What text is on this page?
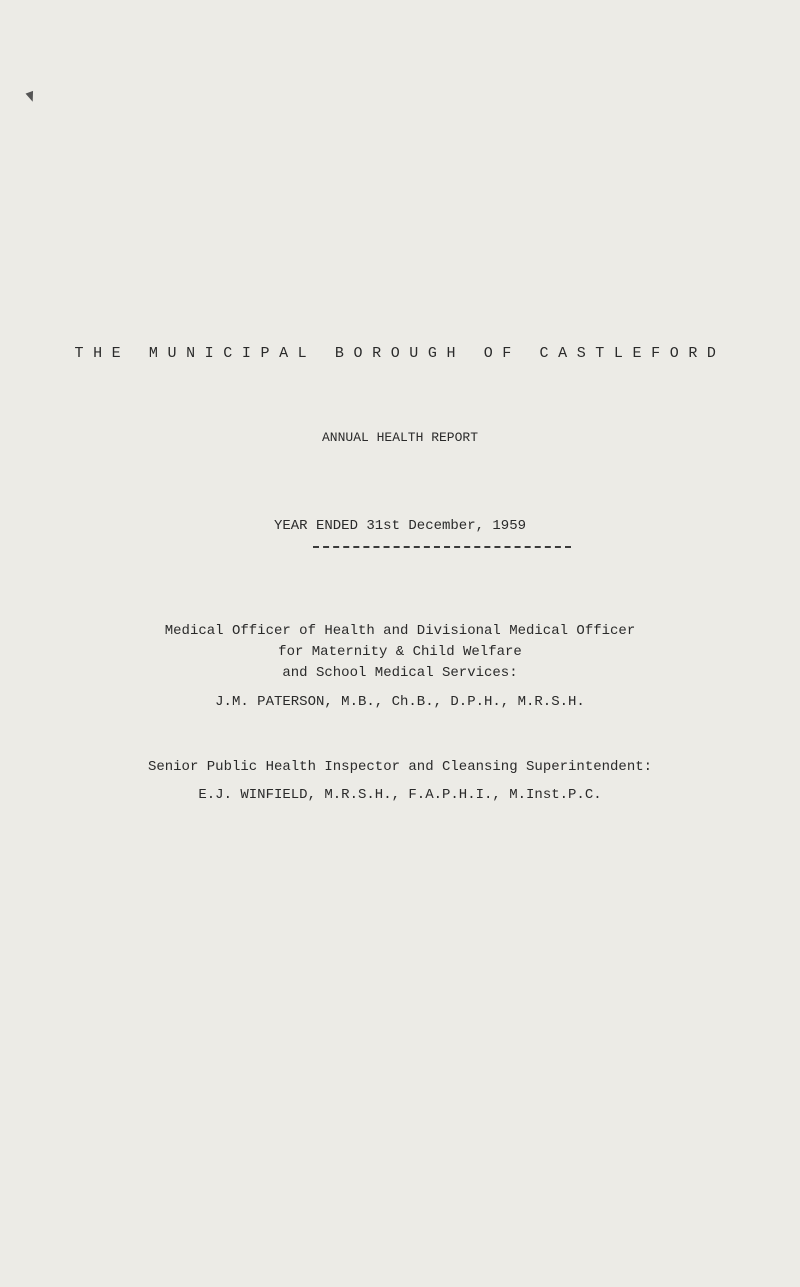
THE MUNICIPAL BOROUGH OF CASTLEFORD
ANNUAL HEALTH REPORT
YEAR ENDED 31st December, 1959
Medical Officer of Health and Divisional Medical Officer
for Maternity & Child Welfare
and School Medical Services:
J.M. PATERSON, M.B., Ch.B., D.P.H., M.R.S.H.
Senior Public Health Inspector and Cleansing Superintendent:
E.J. WINFIELD, M.R.S.H., F.A.P.H.I., M.Inst.P.C.
